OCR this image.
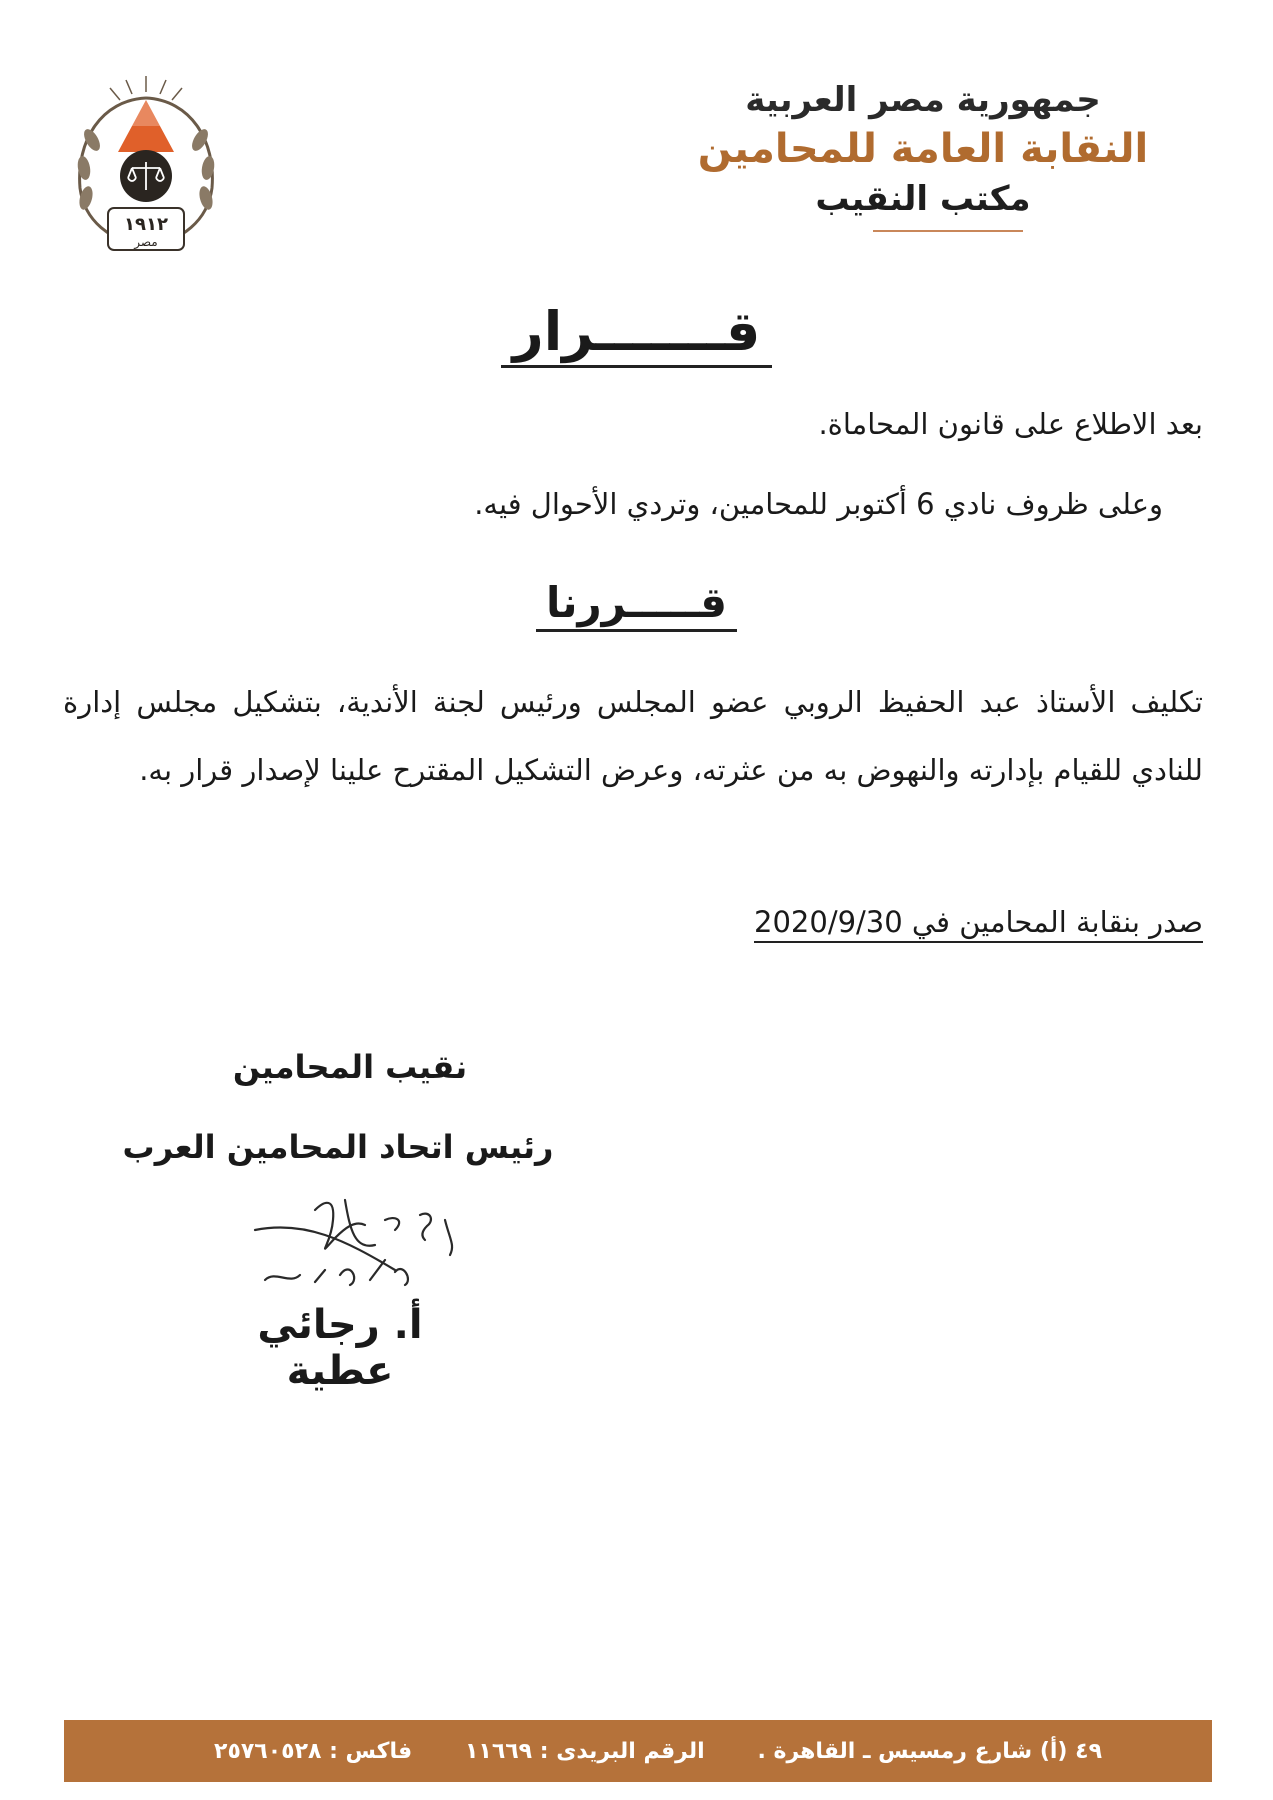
جمهورية مصر العربية
النقابة العامة للمحامين
مكتب النقيب
١٩١٢
مصر
قـــــــرار
بعد الاطلاع على قانون المحاماة.
وعلى ظروف نادي 6 أكتوبر للمحامين، وتردي الأحوال فيه.
قـــــررنا
تكليف الأستاذ عبد الحفيظ الروبي عضو المجلس ورئيس لجنة الأندية، بتشكيل مجلس إدارة للنادي للقيام بإدارته والنهوض به من عثرته، وعرض التشكيل المقترح علينا لإصدار قرار به.
صدر بنقابة المحامين في 2020/9/30
نقيب المحامين
رئيس اتحاد المحامين العرب
أ. رجائي عطية
٤٩ (أ) شارع رمسيس ـ القاهرة .
الرقم البريدى : ١١٦٦٩
فاكس : ٢٥٧٦٠٥٢٨
